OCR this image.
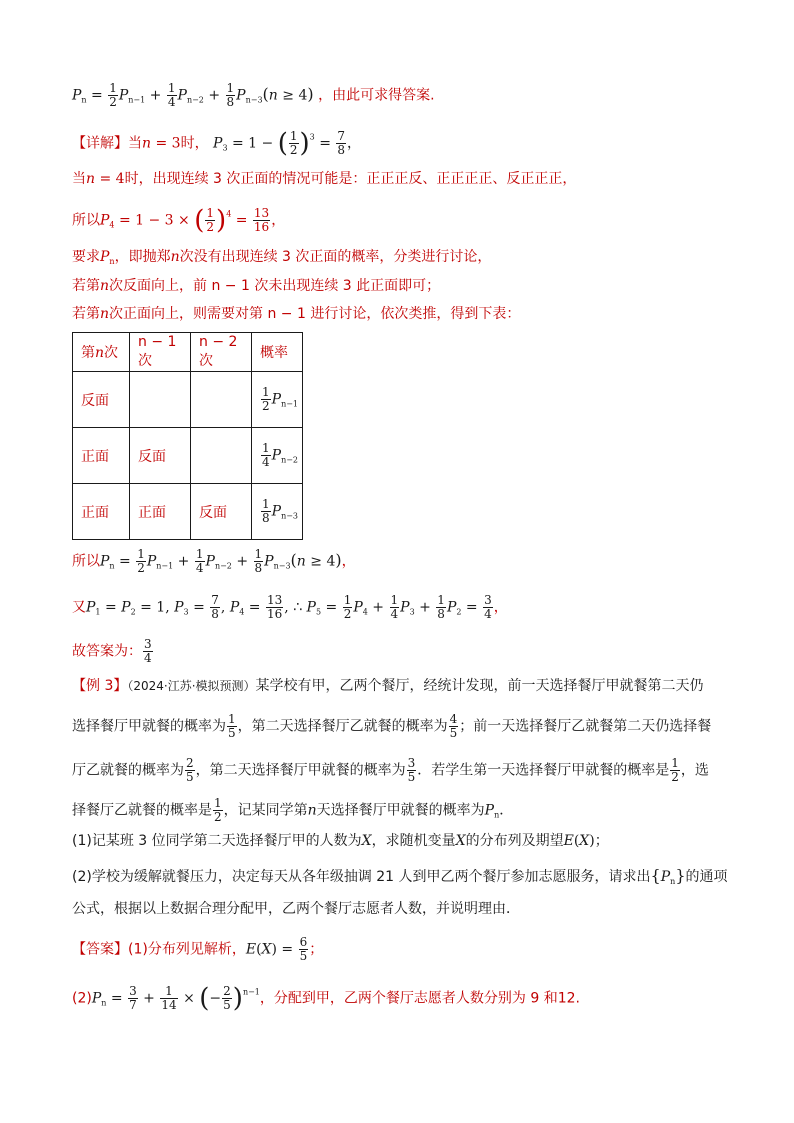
$P_n = \frac{1}{2} P_{n-1} + \frac{1}{4} P_{n-2} + \frac{1}{8} P_{n-3}(n \ge 4)$ ，由此可求得答案.
【详解】当n = 3时， $P_3 = 1$ − ( $\frac{1}{2} )^3 = \frac{7}{8}$ ，
当n = 4时，出现连续 3 次正面的情况可能是：正正正反、正正正正、反正正正，
所以$P_4 = 1 - 3$ × ( $\frac{1}{2} )^4 = \frac{13}{16}$ ，
要求$P_n$，即抛郑n次没有出现连续 3 次正面的概率，分类进行讨论，
若第n次反面向上，前 n − 1 次未出现连续 3 此正面即可；
若第n次正面向上，则需要对第 n − 1 进行讨论，依次类推，得到下表：
第n次	n − 1次	n − 2次	概率
反面			$\frac{1}{2} P_{n-1}$
正面	反面		$\frac{1}{4} P_{n-2}$
正面	正面	反面	$\frac{1}{8} P_{n-3}$
所以$P_n = \frac{1}{2} P_{n-1} + \frac{1}{4} P_{n-2} + \frac{1}{8} P_{n-3}(n \ge 4)$，
又$P_1 = P_2 = 1$, $P_3 = \frac{7}{8}$ , $P_4 = \frac{13}{16}$ , ∴ $P_5 = \frac{1}{2} P_4 + \frac{1}{4} P_3 + \frac{1}{8} P_2 = \frac{3}{4}$ ，
故答案为： $\frac{3}{4}$
【例 3】（2024·江苏·模拟预测）某学校有甲，乙两个餐厅，经统计发现，前一天选择餐厅甲就餐第二天仍
选择餐厅甲就餐的概率为 $\frac{1}{5}$ ，第二天选择餐厅乙就餐的概率为 $\frac{4}{5}$ ；前一天选择餐厅乙就餐第二天仍选择餐
厅乙就餐的概率为 $\frac{2}{5}$ ，第二天选择餐厅甲就餐的概率为 $\frac{3}{5}$ ．若学生第一天选择餐厅甲就餐的概率是 $\frac{1}{2}$ ，选
择餐厅乙就餐的概率是 $\frac{1}{2}$ ，记某同学第n天选择餐厅甲就餐的概率为$P_n$．
(1)记某班 3 位同学第二天选择餐厅甲的人数为X，求随机变量X的分布列及期望E(X)；
(2)学校为缓解就餐压力，决定每天从各年级抽调 21 人到甲乙两个餐厅参加志愿服务，请求出$\{P_n\}$的通项
公式，根据以上数据合理分配甲，乙两个餐厅志愿者人数，并说明理由．
【答案】(1)分布列见解析，$E(X) = \frac{6}{5}$ ；
$(2)P_n = \frac{3}{7} + \frac{1}{14}$ × (− $\frac{2}{5} )^{n-1}$，分配到甲，乙两个餐厅志愿者人数分别为 9 和12.
